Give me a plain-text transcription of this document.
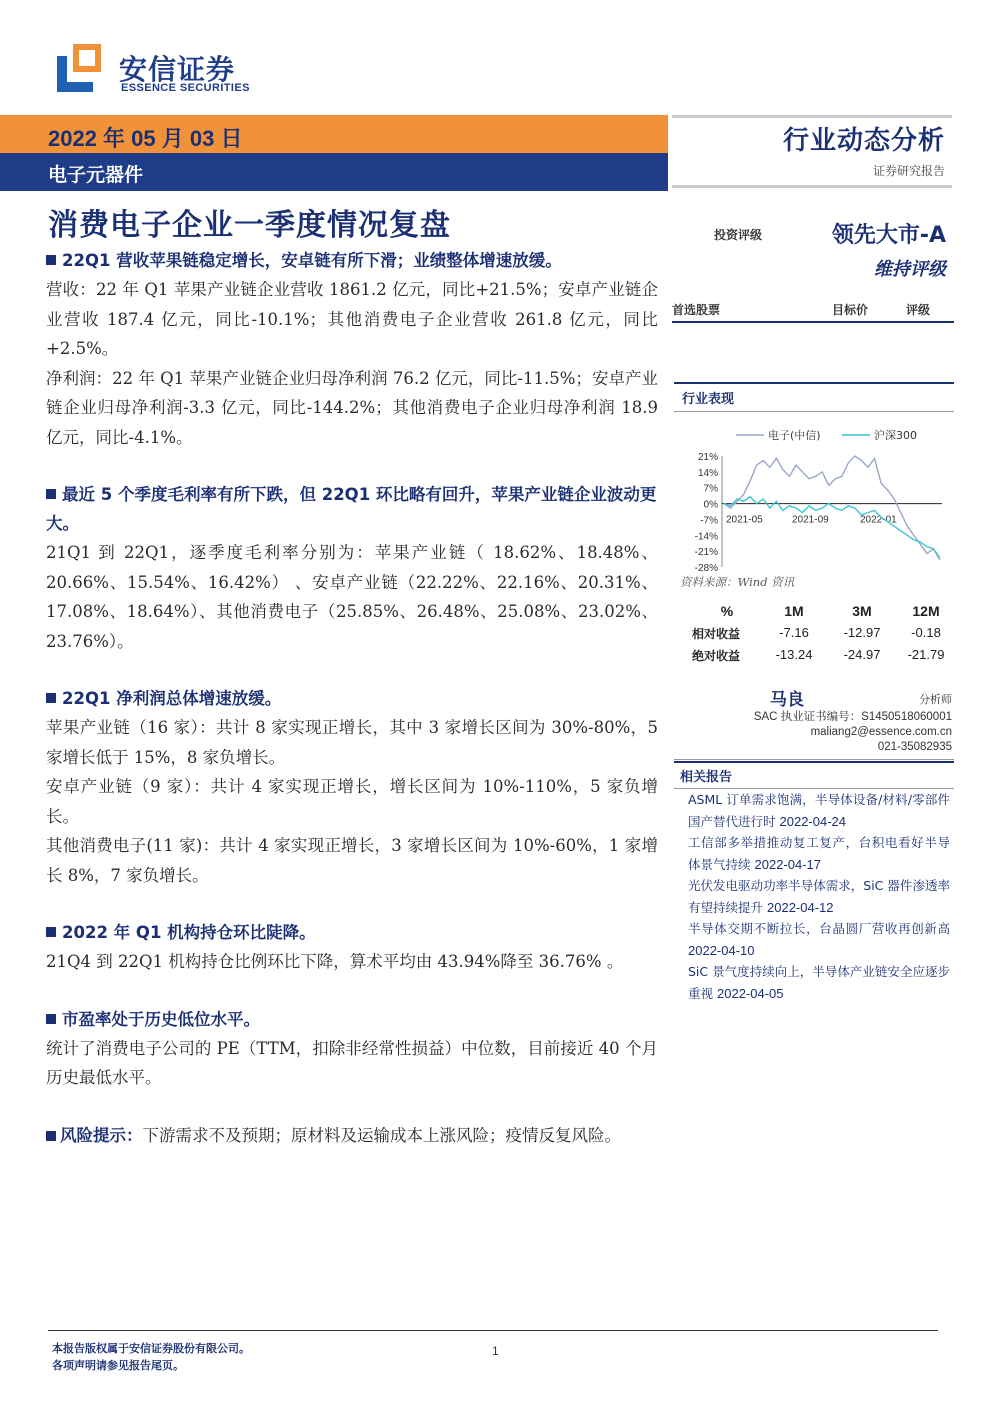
安信证券
ESSENCE SECURITIES
2022 年 05 月 03 日
电子元器件
行业动态分析
证券研究报告
消费电子企业一季度情况复盘
22Q1 营收苹果链稳定增长，安卓链有所下滑；业绩整体增速放缓。

营收：22 年 Q1 苹果产业链企业营收 1861.2 亿元，同比+21.5%；安卓产业链企业营收 187.4 亿元，同比-10.1%；其他消费电子企业营收 261.8 亿元，同比+2.5%。

净利润：22 年 Q1 苹果产业链企业归母净利润 76.2 亿元，同比-11.5%；安卓产业链企业归母净利润-3.3 亿元，同比-144.2%；其他消费电子企业归母净利润 18.9 亿元，同比-4.1%。

最近 5 个季度毛利率有所下跌，但 22Q1 环比略有回升，苹果产业链企业波动更大。

21Q1 到 22Q1，逐季度毛利率分别为：苹果产业链（ 18.62%、18.48%、20.66%、15.54%、16.42%） 、安卓产业链（22.22%、22.16%、20.31%、17.08%、18.64%）、其他消费电子（25.85%、26.48%、25.08%、23.02%、23.76%）。

22Q1 净利润总体增速放缓。

苹果产业链（16 家）：共计 8 家实现正增长，其中 3 家增长区间为 30%-80%，5 家增长低于 15%，8 家负增长。

安卓产业链（9 家）：共计 4 家实现正增长，增长区间为 10%-110%，5 家负增长。

其他消费电子(11 家)：共计 4 家实现正增长，3 家增长区间为 10%-60%，1 家增长 8%，7 家负增长。

2022 年 Q1 机构持仓环比陡降。

21Q4 到 22Q1 机构持仓比例环比下降，算术平均由 43.94%降至 36.76% 。

市盈率处于历史低位水平。

统计了消费电子公司的 PE（TTM，扣除非经常性损益）中位数，目前接近 40 个月历史最低水平。

风险提示：下游需求不及预期；原材料及运输成本上涨风险；疫情反复风险。

投资评级	领先大市-A
维持评级
首选股票	目标价	评级
行业表现
电子(中信)	沪深300
21%
14%
7%
0%
-7%
-14%
-21%
-28%
2021-05	2021-09	2022-01
资料来源：Wind 资讯
%	1M	3M	12M
相对收益	-7.16	-12.97	-0.18
绝对收益	-13.24	-24.97	-21.79
马良	分析师
SAC 执业证书编号：S1450518060001
maliang2@essence.com.cn
021-35082935
相关报告
ASML 订单需求饱满，半导体设备/材料/零部件国产替代进行时 2022-04-24
工信部多举措推动复工复产，台积电看好半导体景气持续 2022-04-17
光伏发电驱动功率半导体需求，SiC 器件渗透率有望持续提升 2022-04-12
半导体交期不断拉长，台晶圆厂营收再创新高 2022-04-10
SiC 景气度持续向上，半导体产业链安全应逐步重视 2022-04-05
本报告版权属于安信证券股份有限公司。
各项声明请参见报告尾页。
1
